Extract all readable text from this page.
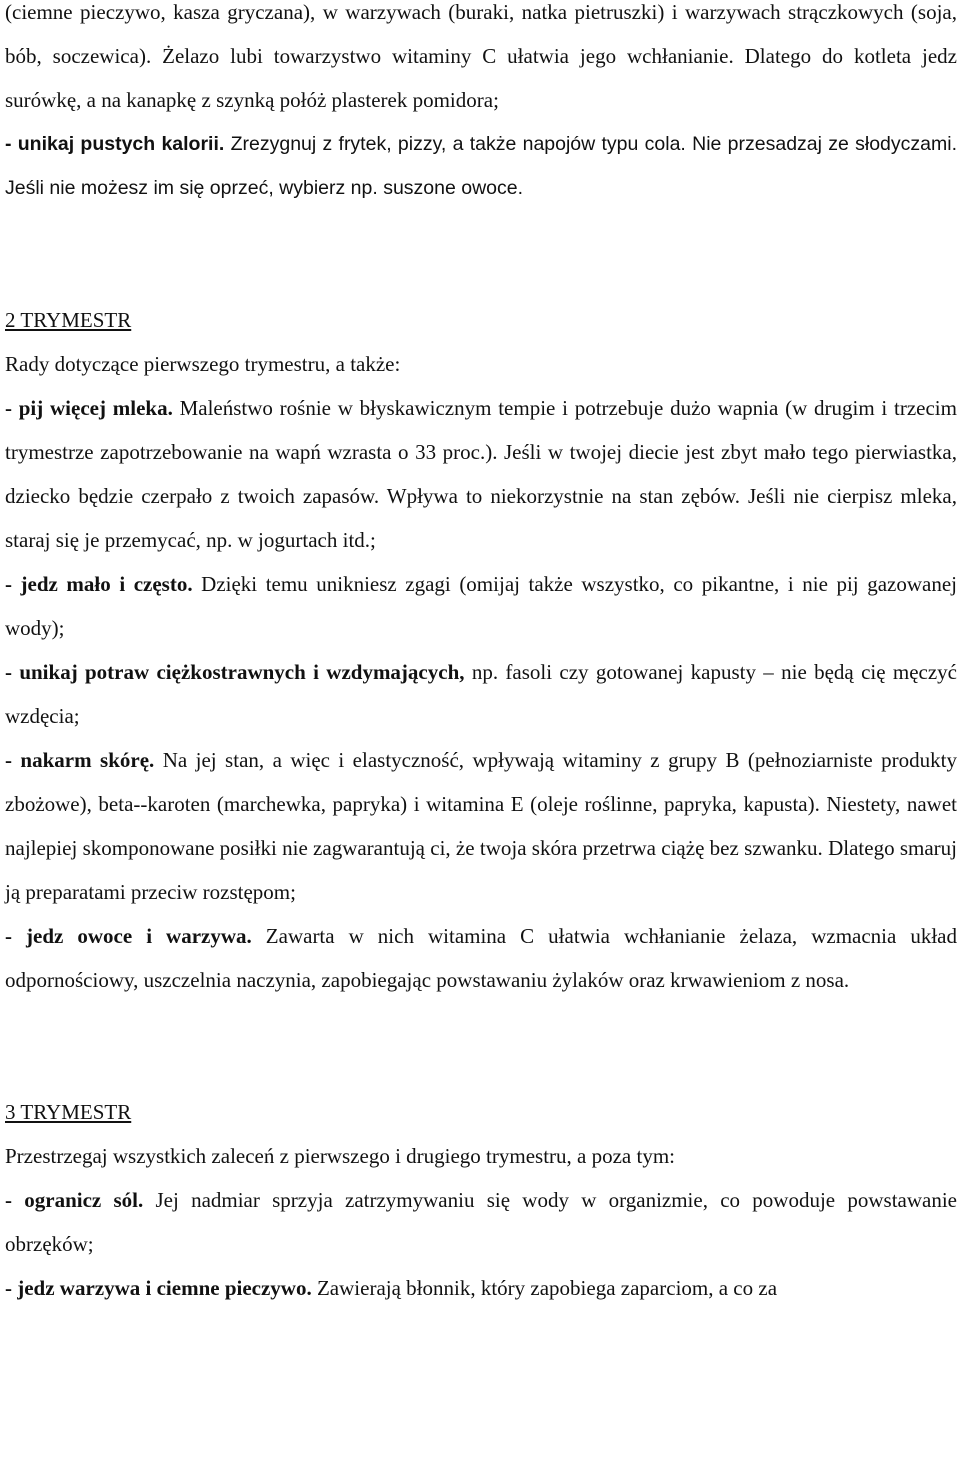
(ciemne pieczywo, kasza gryczana), w warzywach (buraki, natka pietruszki) i warzywach strączkowych (soja, bób, soczewica). Żelazo lubi towarzystwo witaminy C ułatwia jego wchłanianie. Dlatego do kotleta jedz surówkę, a na kanapkę z szynką połóż plasterek pomidora;

- unikaj pustych kalorii. Zrezygnuj z frytek, pizzy, a także napojów typu cola. Nie przesadzaj ze słodyczami. Jeśli nie możesz im się oprzeć, wybierz np. suszone owoce.

2 TRYMESTR

Rady dotyczące pierwszego trymestru, a także:

- pij więcej mleka. Maleństwo rośnie w błyskawicznym tempie i potrzebuje dużo wapnia (w drugim i trzecim trymestrze zapotrzebowanie na wapń wzrasta o 33 proc.). Jeśli w twojej diecie jest zbyt mało tego pierwiastka, dziecko będzie czerpało z twoich zapasów. Wpływa to niekorzystnie na stan zębów. Jeśli nie cierpisz mleka, staraj się je przemycać, np. w jogurtach itd.;

- jedz mało i często. Dzięki temu unikniesz zgagi (omijaj także wszystko, co pikantne, i nie pij gazowanej wody);

- unikaj potraw ciężkostrawnych i wzdymających, np. fasoli czy gotowanej kapusty – nie będą cię męczyć wzdęcia;

- nakarm skórę. Na jej stan, a więc i elastyczność, wpływają witaminy z grupy B (pełnoziarniste produkty zbożowe), beta--karoten (marchewka, papryka) i witamina E (oleje roślinne, papryka, kapusta). Niestety, nawet najlepiej skomponowane posiłki nie zagwarantują ci, że twoja skóra przetrwa ciążę bez szwanku. Dlatego smaruj ją preparatami przeciw rozstępom;

- jedz owoce i warzywa. Zawarta w nich witamina C ułatwia wchłanianie żelaza, wzmacnia układ odpornościowy, uszczelnia naczynia, zapobiegając powstawaniu żylaków oraz krwawieniom z nosa.

3 TRYMESTR

Przestrzegaj wszystkich zaleceń z pierwszego i drugiego trymestru, a poza tym:

- ogranicz sól. Jej nadmiar sprzyja zatrzymywaniu się wody w organizmie, co powoduje powstawanie obrzęków;

- jedz warzywa i ciemne pieczywo. Zawierają błonnik, który zapobiega zaparciom, a co za
